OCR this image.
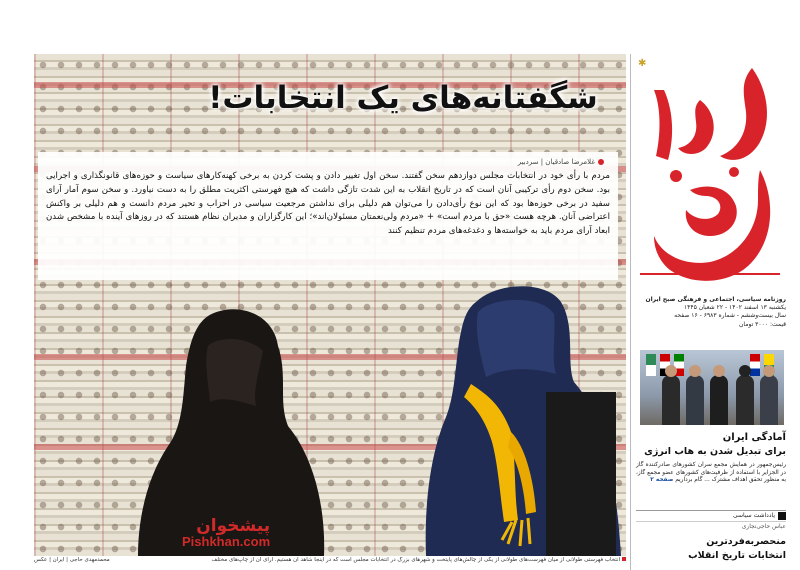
شگفتانه‌های یک انتخابات!
غلامرضا صادقیان | سردبیر

مردم با رأی خود در انتخابات مجلس دوازدهم سخن گفتند. سخن اول تغییر دادن و پشت کردن به برخی کهنه‌کارهای سیاست و حوزه‌های قانونگذاری و اجرایی بود. سخن دوم رأی ترکیبی آنان است که در تاریخ انقلاب به این شدت تازگی داشت که هیچ فهرستی اکثریت مطلق را به دست نیاورد. و سخن سوم آمار آرای سفید در برخی حوزه‌ها بود که این نوع رأی‌دادن را می‌توان هم دلیلی برای نداشتن مرجعیت سیاسی در احزاب و تحیر مردم دانست و هم دلیلی بر واکنش اعتراضی آنان. هرچه هست «حق با مردم است» + «مردم ولی‌نعمتان مسئولان‌اند»؛ این کارگزاران و مدیران نظام هستند که در روزهای آینده با مشخص شدن ابعاد آرای مردم باید به خواسته‌ها و دغدغه‌های مردم تنظیم کنند

پیشخوان
Pishkhan.com
انتخاب فهرستی طولانی از میان فهرست‌های طولانی از یکی از چالش‌های پایتخت و شهرهای بزرگ در انتخابات مجلس است که در اینجا شاهد آن هستیم. آرای آن از چاپ‌های مختلف
محمدمهدی حاجی | ایران | عکس
✱
روزنامه سیاسی، اجتماعی و فرهنگی صبح ایران
یکشنبه ۱۳ اسفند ۱۴۰۲ - ۲۲ شعبان ۱۴۴۵
سال بیست‌وششم - شماره ۶۹۸۳ - ۱۶ صفحه
قیمت: ۳۰۰۰ تومان
آمادگی ایران
برای تبدیل شدن به هاب انرژی
رئیس‌جمهور در همایش مجمع سران کشورهای صادرکننده گاز در الجزایر با استفاده از ظرفیت‌های کشورهای عضو مجمع گاز، به منظور تحقق اهداف مشترک ... گام برداریم صفحه ۲
یادداشت سیاسی
عباس حاجی‌نجاری
منحصربه‌فردترین
انتخابات تاریخ انقلاب
